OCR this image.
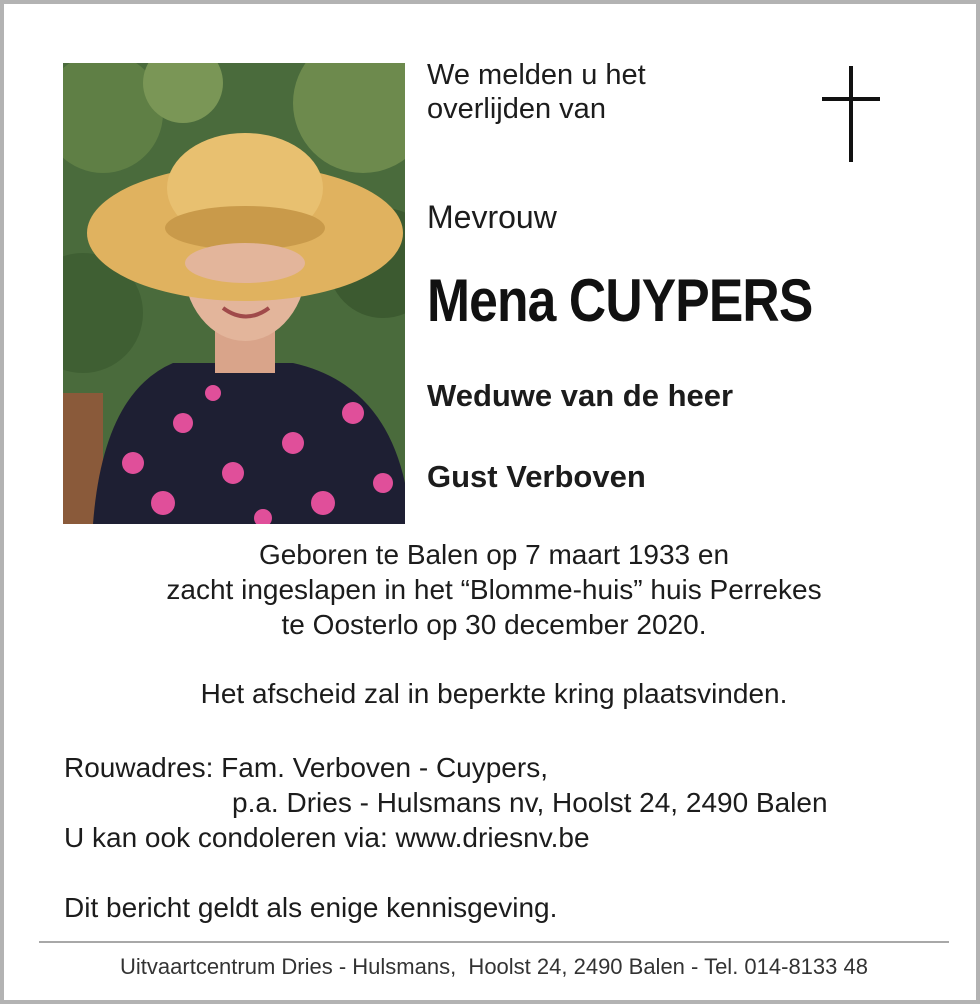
We melden u het
overlijden van
Mevrouw
Mena CUYPERS
Weduwe van de heer
Gust Verboven
Geboren te Balen op 7 maart 1933 en
zacht ingeslapen in het “Blomme-huis” huis Perrekes
te Oosterlo op 30 december 2020.
Het afscheid zal in beperkte kring plaatsvinden.
Rouwadres: Fam. Verboven - Cuypers,
p.a. Dries - Hulsmans nv, Hoolst 24, 2490 Balen
U kan ook condoleren via: www.driesnv.be
Dit bericht geldt als enige kennisgeving.
Uitvaartcentrum Dries - Hulsmans,  Hoolst 24, 2490 Balen - Tel. 014-8133 48
